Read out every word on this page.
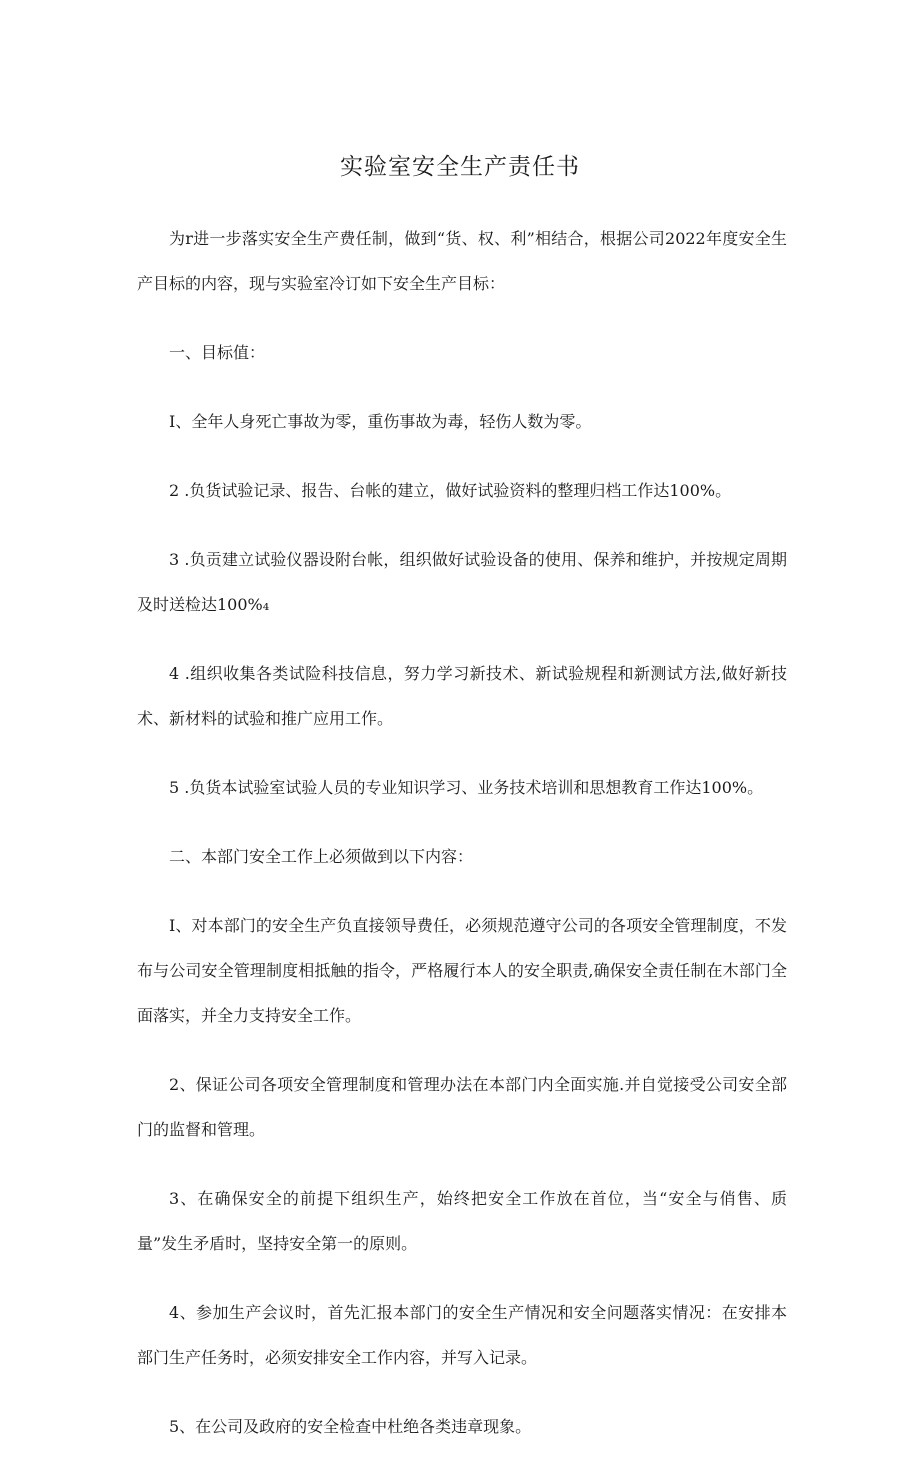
实验室安全生产责任书

为r进一步落实安全生产费任制，做到“货、权、利”相结合，根据公司2022年度安全生产目标的内容，现与实验室冷订如下安全生产目标：

一、目标值：

I、全年人身死亡事故为零，重伤事故为毒，轻伤人数为零。

2 .负货试验记录、报告、台帐的建立，做好试验资料的整理归档工作达100%。

3 .负贡建立试验仪器设附台帐，组织做好试验设备的使用、保养和维护，并按规定周期及时送检达100%₄

4 .组织收集各类试险科技信息，努力学习新技术、新试验规程和新测试方法,做好新技术、新材料的试验和推广应用工作。

5 .负货本试验室试验人员的专业知识学习、业务技术培训和思想教育工作达100%。

二、本部门安全工作上必须做到以下内容：

I、对本部门的安全生产负直接领导费任，必须规范遵守公司的各项安全管理制度，不发布与公司安全管理制度相抵触的指令，严格履行本人的安全职责,确保安全责任制在木部门全面落实，并全力支持安全工作。

2、保证公司各项安全管理制度和管理办法在本部门内全面实施.并自觉接受公司安全部门的监督和管理。

3、在确保安全的前提下组织生产，始终把安全工作放在首位，当“安全与俏售、质量”发生矛盾时，坚持安全第一的原则。

4、参加生产会议时，首先汇报本部门的安全生产情况和安全问题落实情况：在安排本部门生产任务时，必须安排安全工作内容，并写入记录。

5、在公司及政府的安全检查中杜绝各类违章现象。
